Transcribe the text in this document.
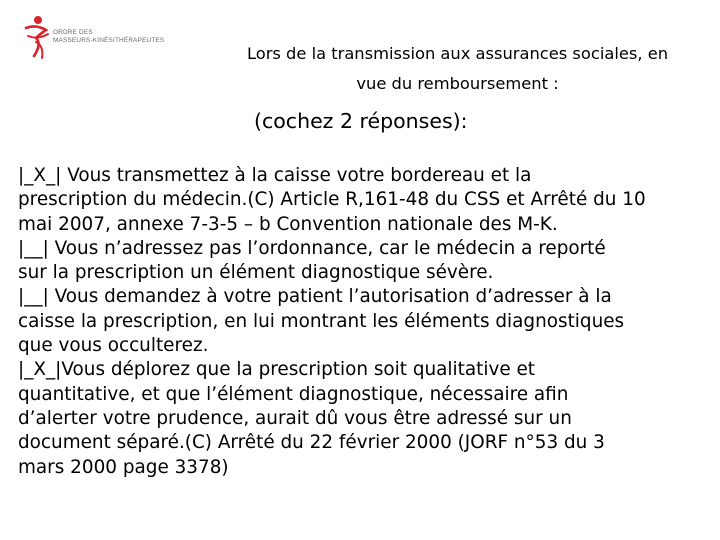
ORDRE DES
MASSEURS-KINÉSITHÉRAPEUTES
Lors de la transmission aux assurances sociales, en
vue du remboursement :
(cochez 2 réponses):
|_X_| Vous transmettez à la caisse votre bordereau et la
prescription du médecin.(C) Article R,161-48 du CSS et Arrêté du 10
mai 2007, annexe 7-3-5 – b Convention nationale des M-K.
|__| Vous n’adressez pas l’ordonnance, car le médecin a reporté
sur la prescription un élément diagnostique sévère.
|__| Vous demandez à votre patient l’autorisation d’adresser à la
caisse la prescription, en lui montrant les éléments diagnostiques
que vous occulterez.
|_X_|Vous déplorez que la prescription soit qualitative et
quantitative, et que l’élément diagnostique, nécessaire afin
d’alerter votre prudence, aurait dû vous être adressé sur un
document séparé.(C) Arrêté du 22 février 2000 (JORF n°53 du 3
mars 2000 page 3378)
